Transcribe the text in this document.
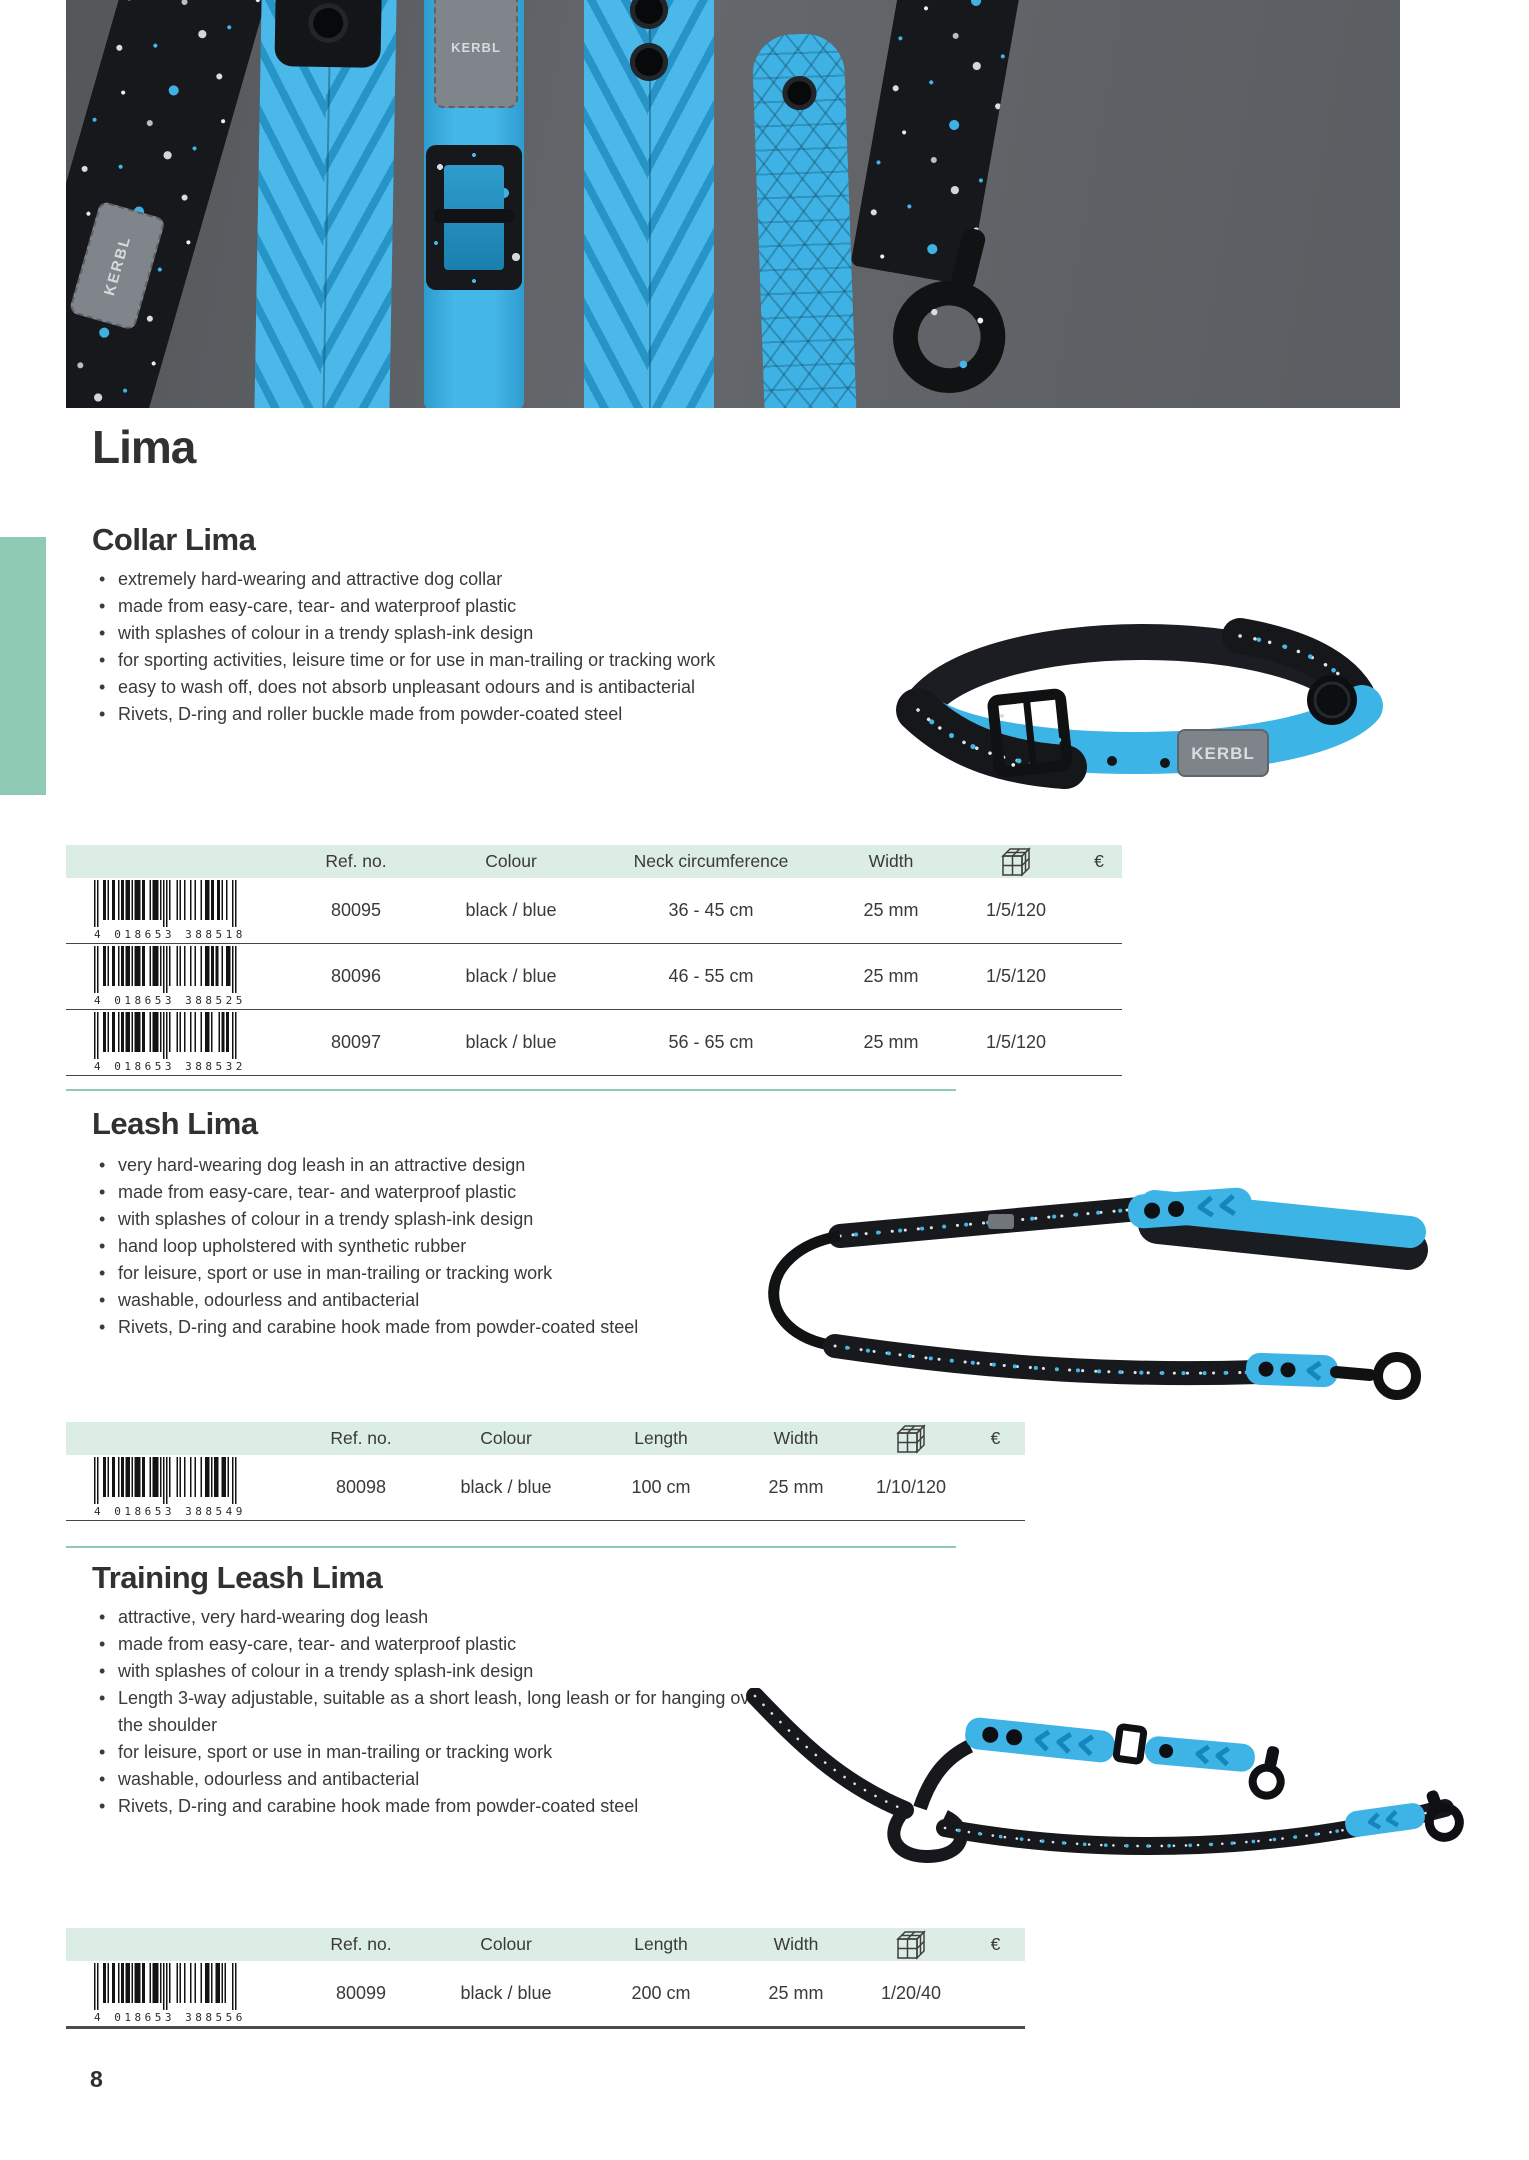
KERBL
KERBL
Lima
Collar Lima
• extremely hard-wearing and attractive dog collar
• made from easy-care, tear- and waterproof plastic
• with splashes of colour in a trendy splash-ink design
• for sporting activities, leisure time or for use in man-trailing or tracking work
• easy to wash off, does not absorb unpleasant odours and is antibacterial
• Rivets, D-ring and roller buckle made from powder-coated steel
KERBL
Ref. no.	Colour	Neck circumference	Width	€
4 018653 388518
80095	black / blue	36 - 45 cm	25 mm	1/5/120
4 018653 388525
80096	black / blue	46 - 55 cm	25 mm	1/5/120
4 018653 388532
80097	black / blue	56 - 65 cm	25 mm	1/5/120
Leash Lima
• very hard-wearing dog leash in an attractive design
• made from easy-care, tear- and waterproof plastic
• with splashes of colour in a trendy splash-ink design
• hand loop upholstered with synthetic rubber
• for leisure, sport or use in man-trailing or tracking work
• washable, odourless and antibacterial
• Rivets, D-ring and carabine hook made from powder-coated steel
Ref. no.	Colour	Length	Width	€
4 018653 388549
80098	black / blue	100 cm	25 mm	1/10/120
Training Leash Lima
• attractive, very hard-wearing dog leash
• made from easy-care, tear- and waterproof plastic
• with splashes of colour in a trendy splash-ink design
• Length 3-way adjustable, suitable as a short leash, long leash or for hanging over the shoulder
• for leisure, sport or use in man-trailing or tracking work
• washable, odourless and antibacterial
• Rivets, D-ring and carabine hook made from powder-coated steel
Ref. no.	Colour	Length	Width	€
4 018653 388556
80099	black / blue	200 cm	25 mm	1/20/40
8
